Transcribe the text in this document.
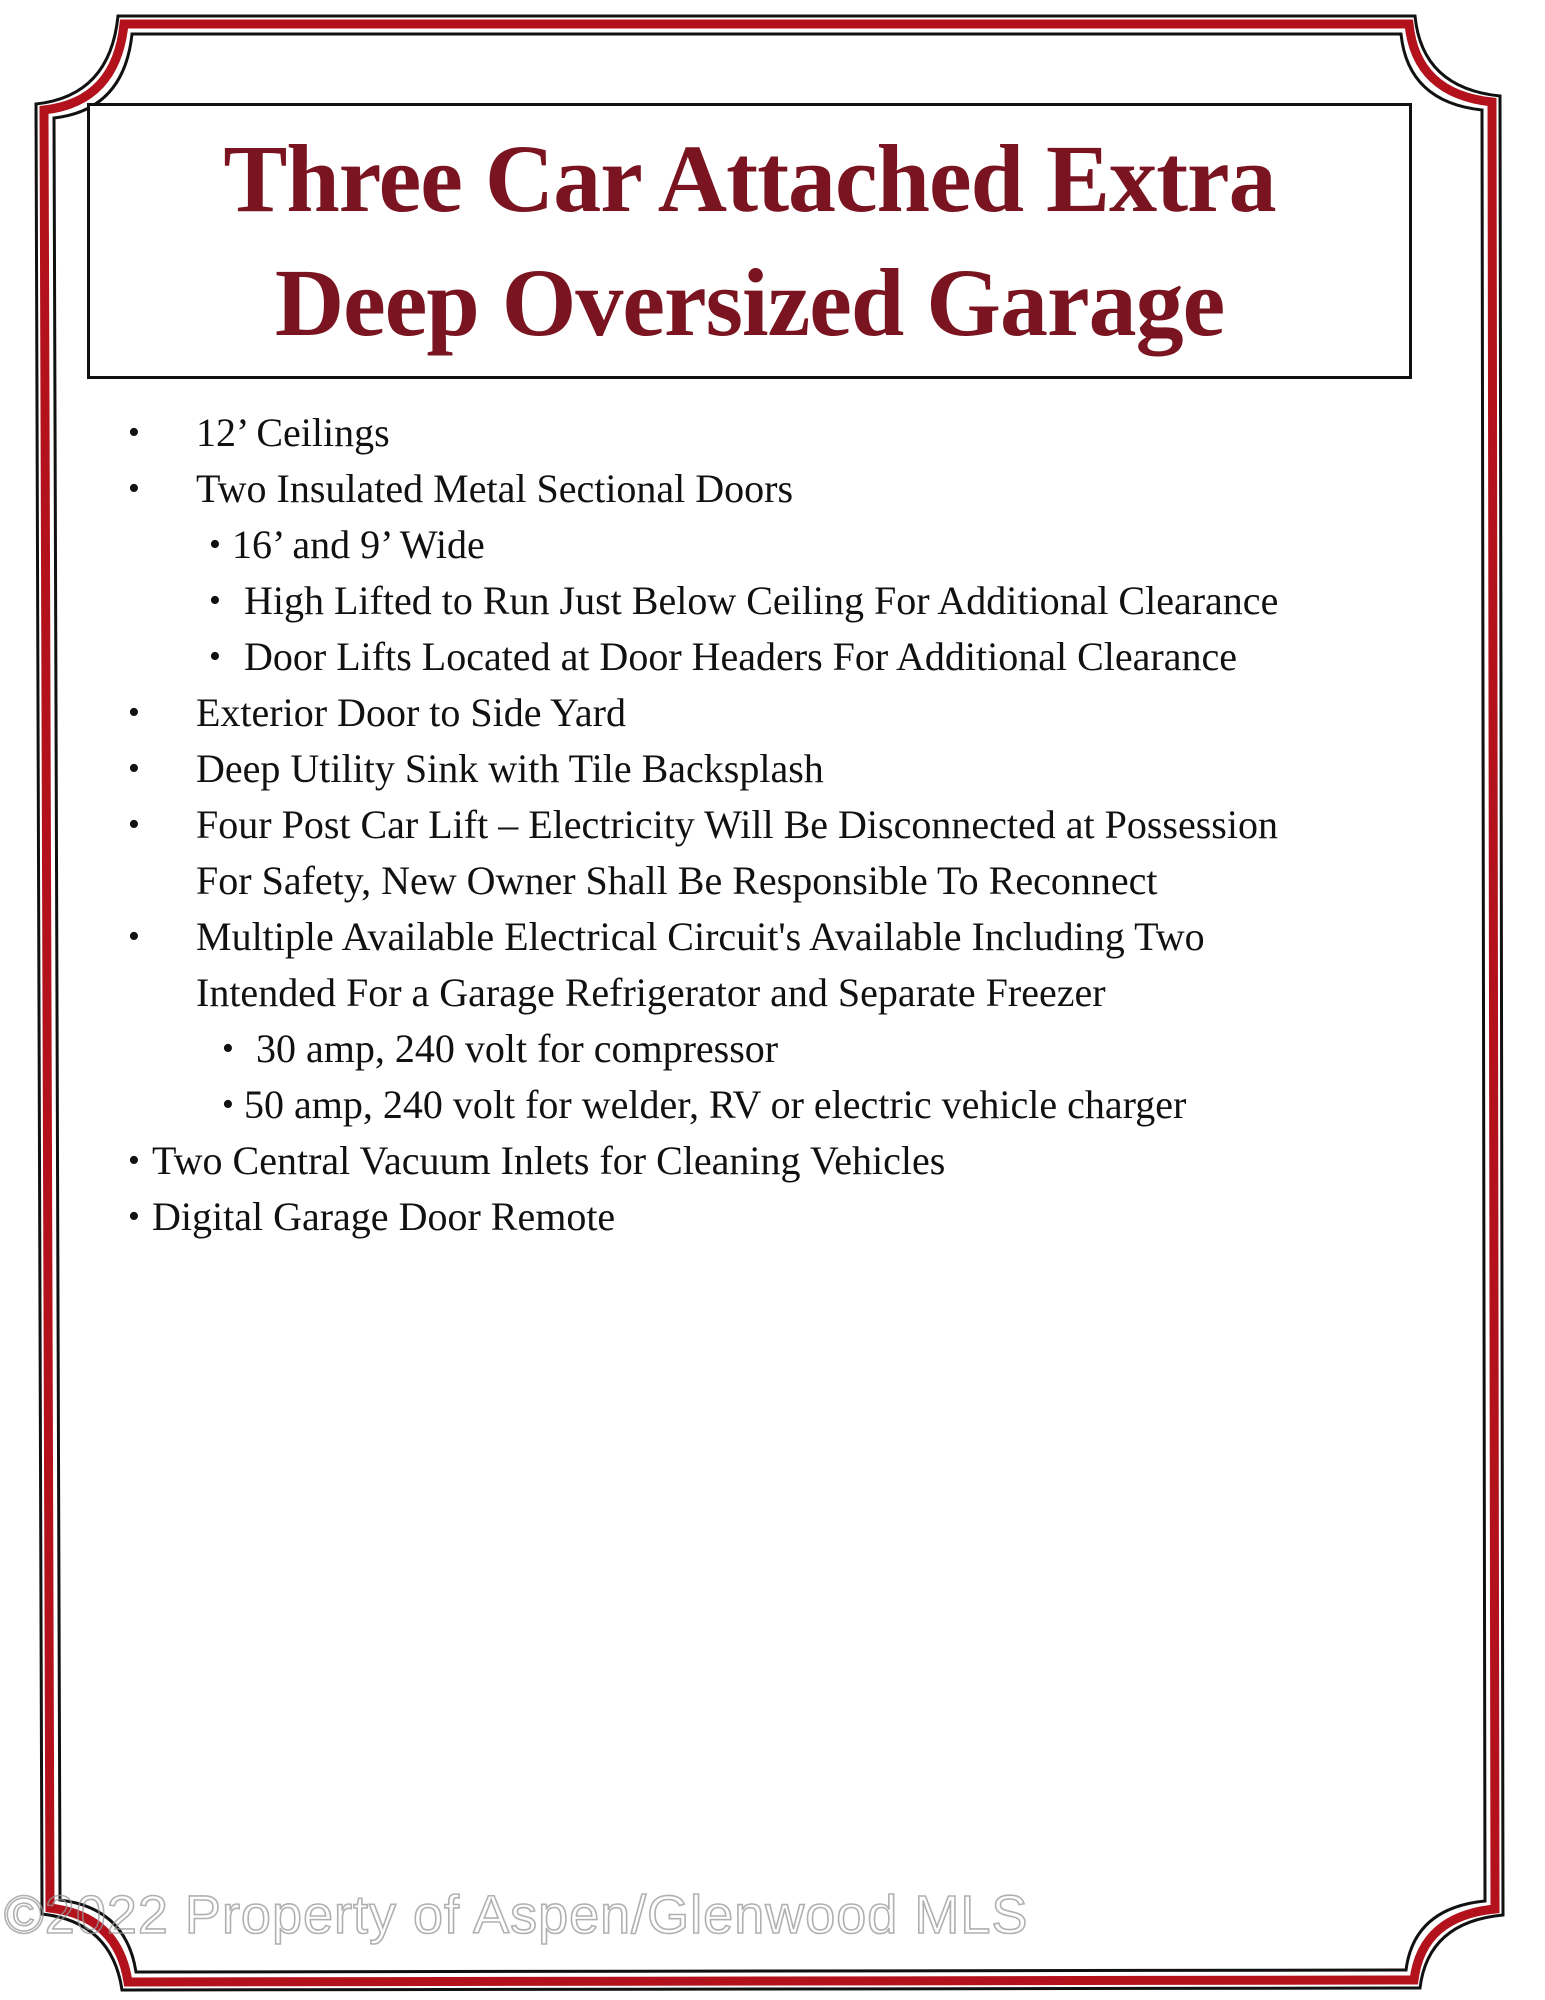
Three Car Attached Extra
Deep Oversized Garage
• 12’ Ceilings
• Two Insulated Metal Sectional Doors
• 16’ and 9’ Wide
• High Lifted to Run Just Below Ceiling For Additional Clearance
• Door Lifts Located at Door Headers For Additional Clearance
• Exterior Door to Side Yard
• Deep Utility Sink with Tile Backsplash
• Four Post Car Lift – Electricity Will Be Disconnected at Possession
For Safety, New Owner Shall Be Responsible To Reconnect
• Multiple Available Electrical Circuit's Available Including Two
Intended For a Garage Refrigerator and Separate Freezer
• 30 amp, 240 volt for compressor
• 50 amp, 240 volt for welder, RV or electric vehicle charger
• Two Central Vacuum Inlets for Cleaning Vehicles
• Digital Garage Door Remote
©2022 Property of Aspen/Glenwood MLS
